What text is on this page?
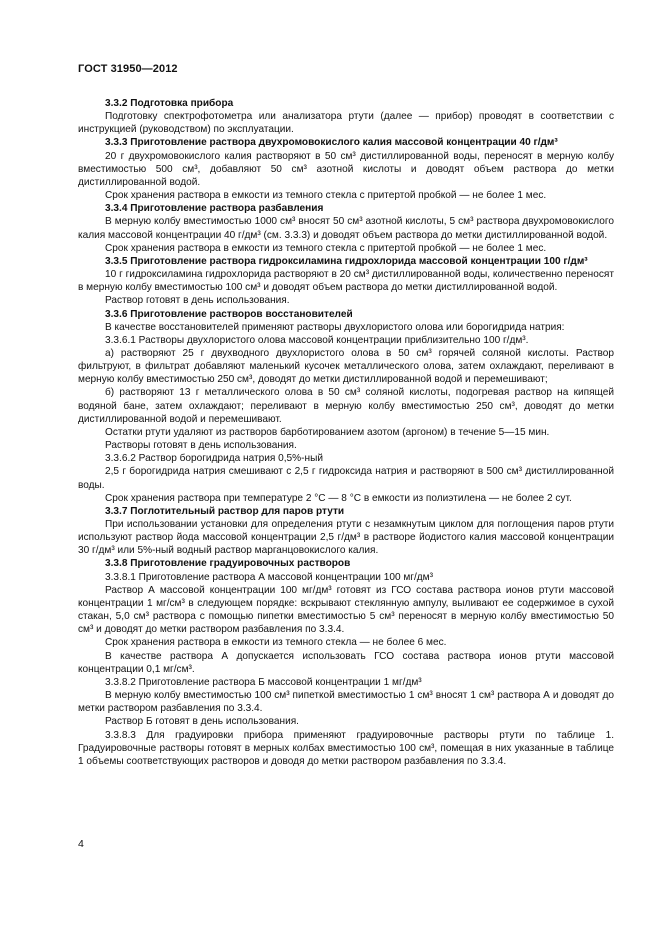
ГОСТ 31950—2012

3.3.2 Подготовка прибора

Подготовку спектрофотометра или анализатора ртути (далее — прибор) проводят в соответствии с инструкцией (руководством) по эксплуатации.

3.3.3 Приготовление раствора двухромовокислого калия массовой концентрации 40 г/дм³

20 г двухромовокислого калия растворяют в 50 см³ дистиллированной воды, переносят в мерную колбу вместимостью 500 см³, добавляют 50 см³ азотной кислоты и доводят объем раствора до метки дистиллированной водой.

Срок хранения раствора в емкости из темного стекла с притертой пробкой — не более 1 мес.

3.3.4 Приготовление раствора разбавления

В мерную колбу вместимостью 1000 см³ вносят 50 см³ азотной кислоты, 5 см³ раствора двухромовокислого калия массовой концентрации 40 г/дм³ (см. 3.3.3) и доводят объем раствора до метки дистиллированной водой.

Срок хранения раствора в емкости из темного стекла с притертой пробкой — не более 1 мес.

3.3.5 Приготовление раствора гидроксиламина гидрохлорида массовой концентрации 100 г/дм³

10 г гидроксиламина гидрохлорида растворяют в 20 см³ дистиллированной воды, количественно переносят в мерную колбу вместимостью 100 см³ и доводят объем раствора до метки дистиллированной водой.

Раствор готовят в день использования.

3.3.6 Приготовление растворов восстановителей

В качестве восстановителей применяют растворы двухлористого олова или борогидрида натрия:

3.3.6.1 Растворы двухлористого олова массовой концентрации приблизительно 100 г/дм³.

а) растворяют 25 г двухводного двухлористого олова в 50 см³ горячей соляной кислоты. Раствор фильтруют, в фильтрат добавляют маленький кусочек металлического олова, затем охлаждают, переливают в мерную колбу вместимостью 250 см³, доводят до метки дистиллированной водой и перемешивают;

б) растворяют 13 г металлического олова в 50 см³ соляной кислоты, подогревая раствор на кипящей водяной бане, затем охлаждают; переливают в мерную колбу вместимостью 250 см³, доводят до метки дистиллированной водой и перемешивают.

Остатки ртути удаляют из растворов барботированием азотом (аргоном) в течение 5—15 мин.

Растворы готовят в день использования.

3.3.6.2 Раствор борогидрида натрия 0,5%-ный

2,5 г борогидрида натрия смешивают с 2,5 г гидроксида натрия и растворяют в 500 см³ дистиллированной воды.

Срок хранения раствора при температуре 2 °С — 8 °С в емкости из полиэтилена — не более 2 сут.

3.3.7 Поглотительный раствор для паров ртути

При использовании установки для определения ртути с незамкнутым циклом для поглощения паров ртути используют раствор йода массовой концентрации 2,5 г/дм³ в растворе йодистого калия массовой концентрации 30 г/дм³ или 5%-ный водный раствор марганцовокислого калия.

3.3.8 Приготовление градуировочных растворов

3.3.8.1 Приготовление раствора А массовой концентрации 100 мг/дм³

Раствор А массовой концентрации 100 мг/дм³ готовят из ГСО состава раствора ионов ртути массовой концентрации 1 мг/см³ в следующем порядке: вскрывают стеклянную ампулу, выливают ее содержимое в сухой стакан, 5,0 см³ раствора с помощью пипетки вместимостью 5 см³ переносят в мерную колбу вместимостью 50 см³ и доводят до метки раствором разбавления по 3.3.4.

Срок хранения раствора в емкости из темного стекла — не более 6 мес.

В качестве раствора А допускается использовать ГСО состава раствора ионов ртути массовой концентрации 0,1 мг/см³.

3.3.8.2 Приготовление раствора Б массовой концентрации 1 мг/дм³

В мерную колбу вместимостью 100 см³ пипеткой вместимостью 1 см³ вносят 1 см³ раствора А и доводят до метки раствором разбавления по 3.3.4.

Раствор Б готовят в день использования.

3.3.8.3 Для градуировки прибора применяют градуировочные растворы ртути по таблице 1. Градуировочные растворы готовят в мерных колбах вместимостью 100 см³, помещая в них указанные в таблице 1 объемы соответствующих растворов и доводя до метки раствором разбавления по 3.3.4.

4
